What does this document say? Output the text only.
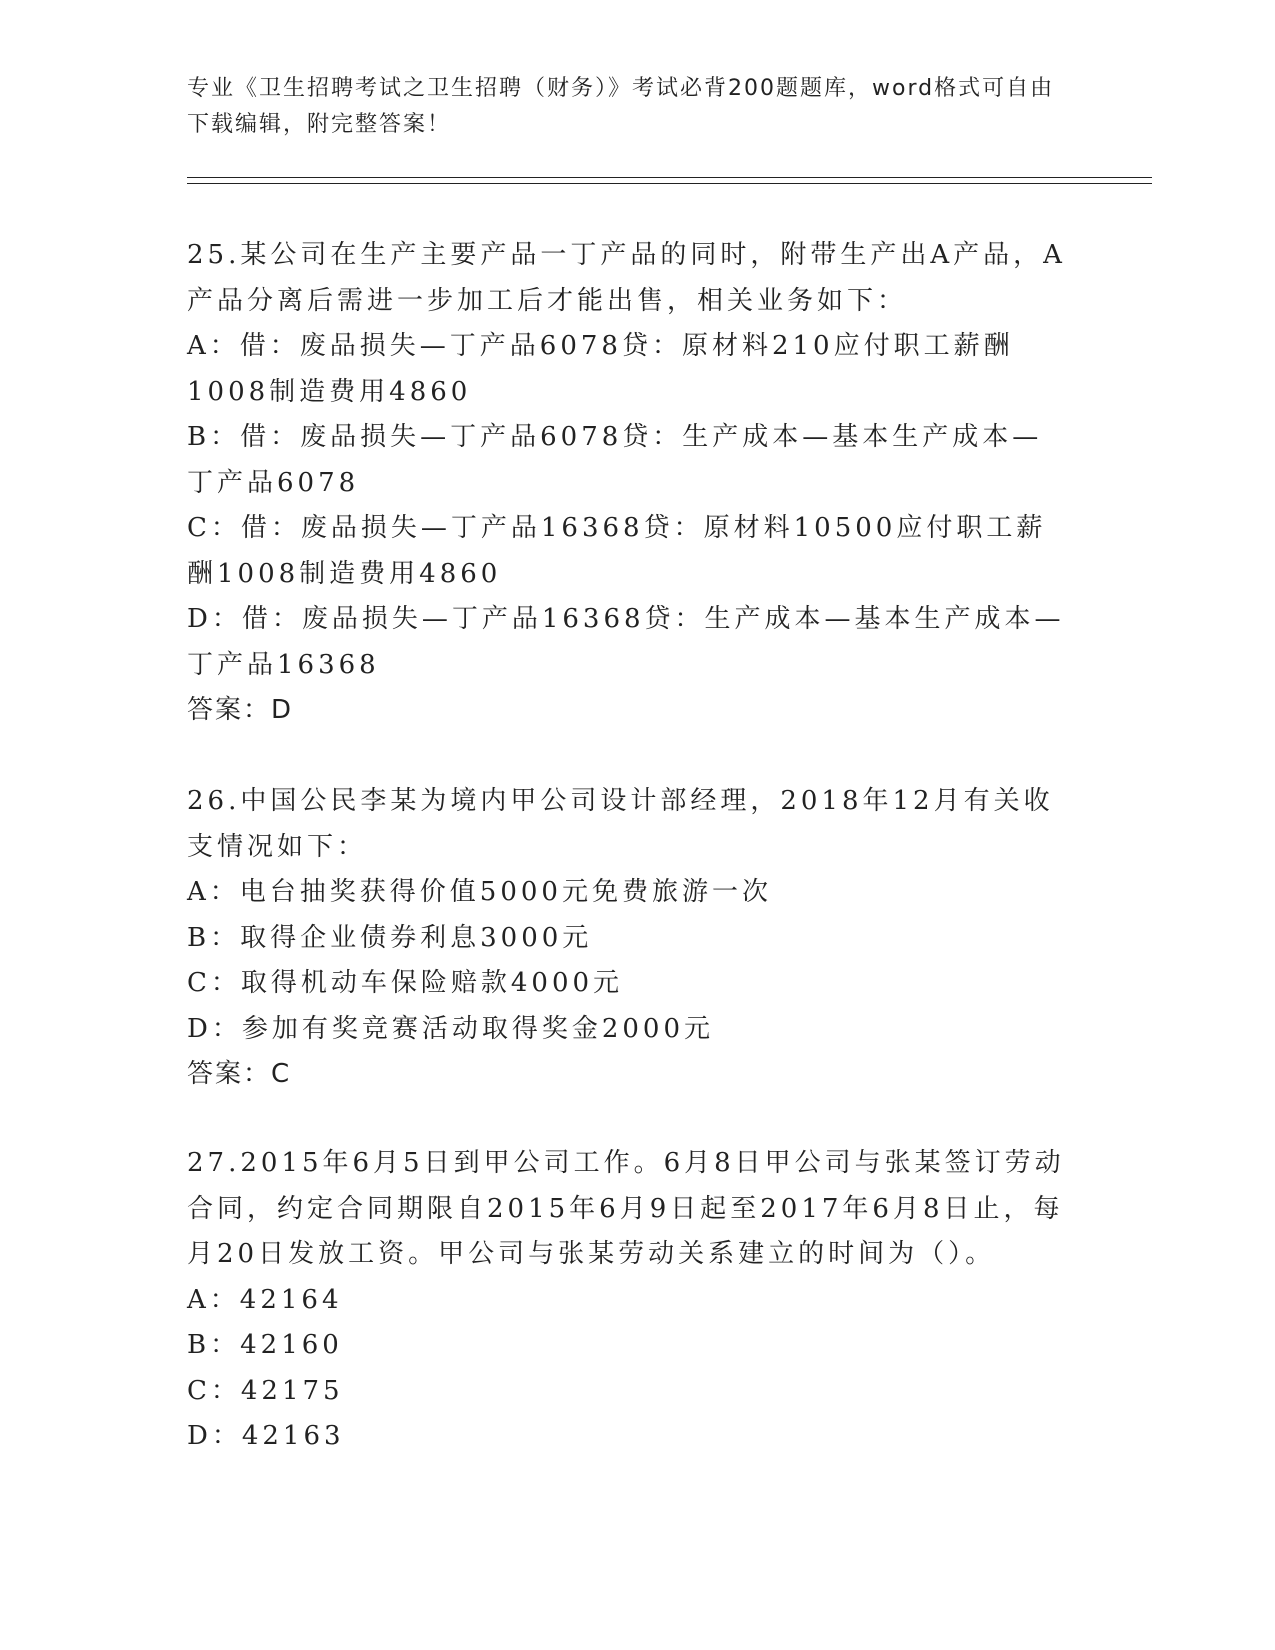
专业《卫生招聘考试之卫生招聘（财务）》考试必背200题题库，word格式可自由下载编辑，附完整答案！

25.某公司在生产主要产品一丁产品的同时，附带生产出A产品，A产品分离后需进一步加工后才能出售，相关业务如下：

A：借：废品损失—丁产品6078贷：原材料210应付职工薪酬1008制造费用4860

B：借：废品损失—丁产品6078贷：生产成本—基本生产成本—丁产品6078

C：借：废品损失—丁产品16368贷：原材料10500应付职工薪酬1008制造费用4860

D：借：废品损失—丁产品16368贷：生产成本—基本生产成本—丁产品16368

答案：D

26.中国公民李某为境内甲公司设计部经理，2018年12月有关收支情况如下：

A：电台抽奖获得价值5000元免费旅游一次

B：取得企业债券利息3000元

C：取得机动车保险赔款4000元

D：参加有奖竞赛活动取得奖金2000元

答案：C

27.2015年6月5日到甲公司工作。6月8日甲公司与张某签订劳动合同，约定合同期限自2015年6月9日起至2017年6月8日止，每月20日发放工资。甲公司与张某劳动关系建立的时间为（）。

A：42164

B：42160

C：42175

D：42163
